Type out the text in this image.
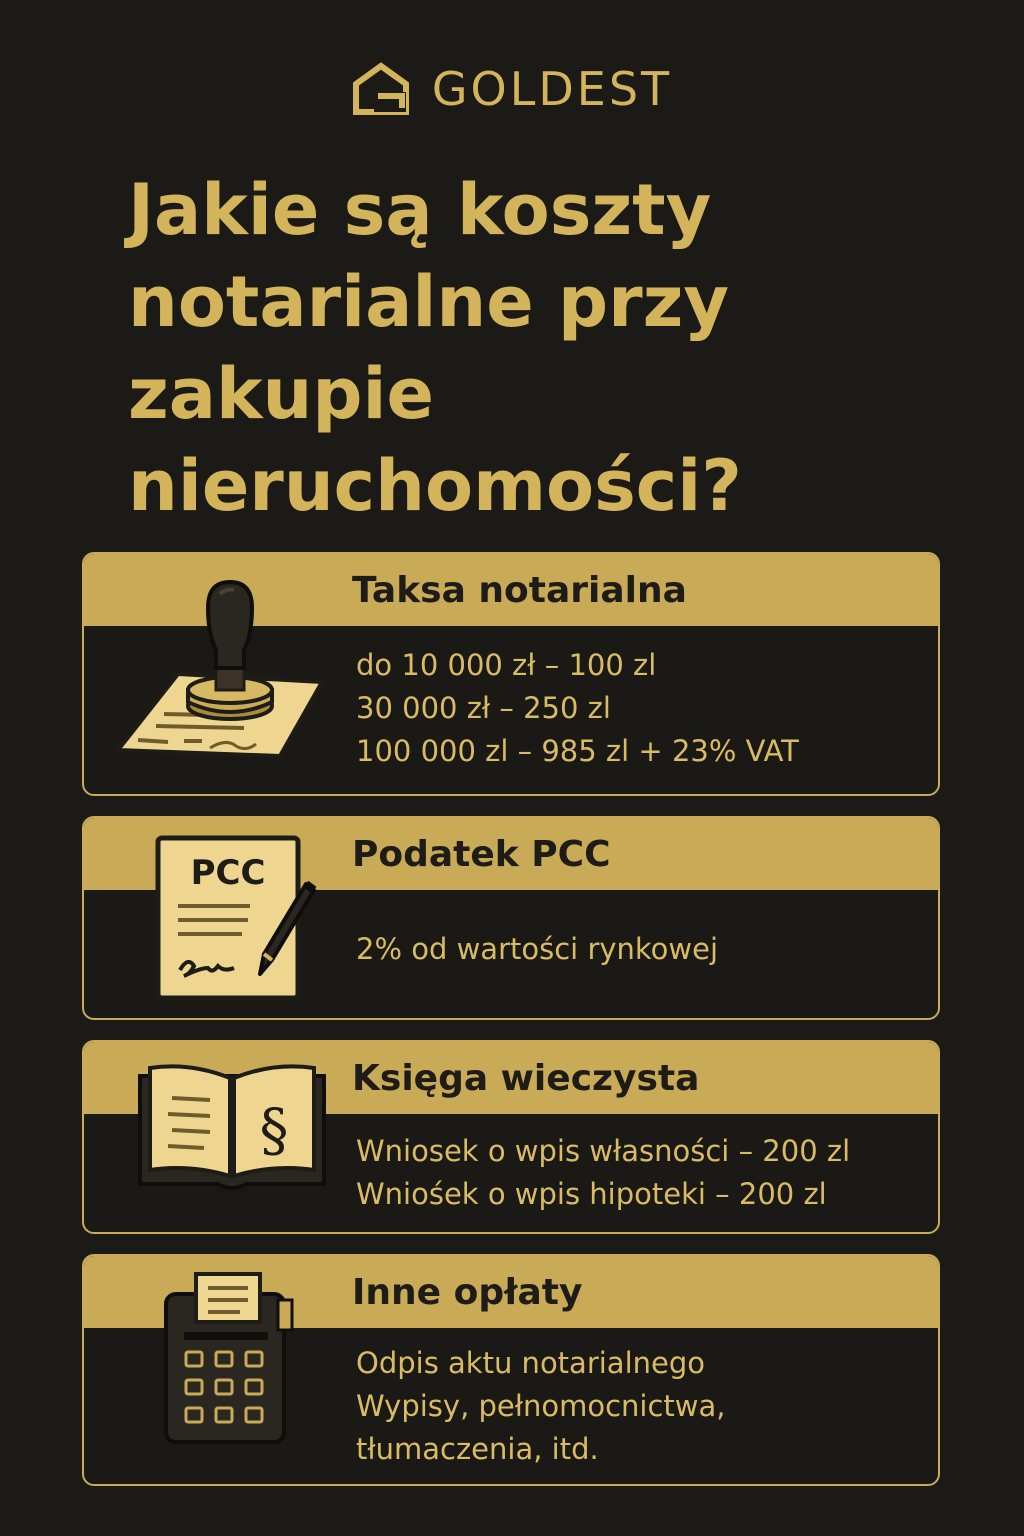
GOLDEST
Jakie są koszty
notarialne przy
zakupie
nieruchomości?
Taksa notarialna
do 10 000 zł – 100 zl
30 000 zł – 250 zl
100 000 zl – 985 zl + 23% VAT
Podatek PCC
2% od wartości rynkowej
PCC
Księga wieczysta
Wniosek o wpis własności – 200 zl
Wniośek o wpis hipoteki – 200 zl
§
Inne opłaty
Odpis aktu notarialnego
Wypisy, pełnomocnictwa,
tłumaczenia, itd.
